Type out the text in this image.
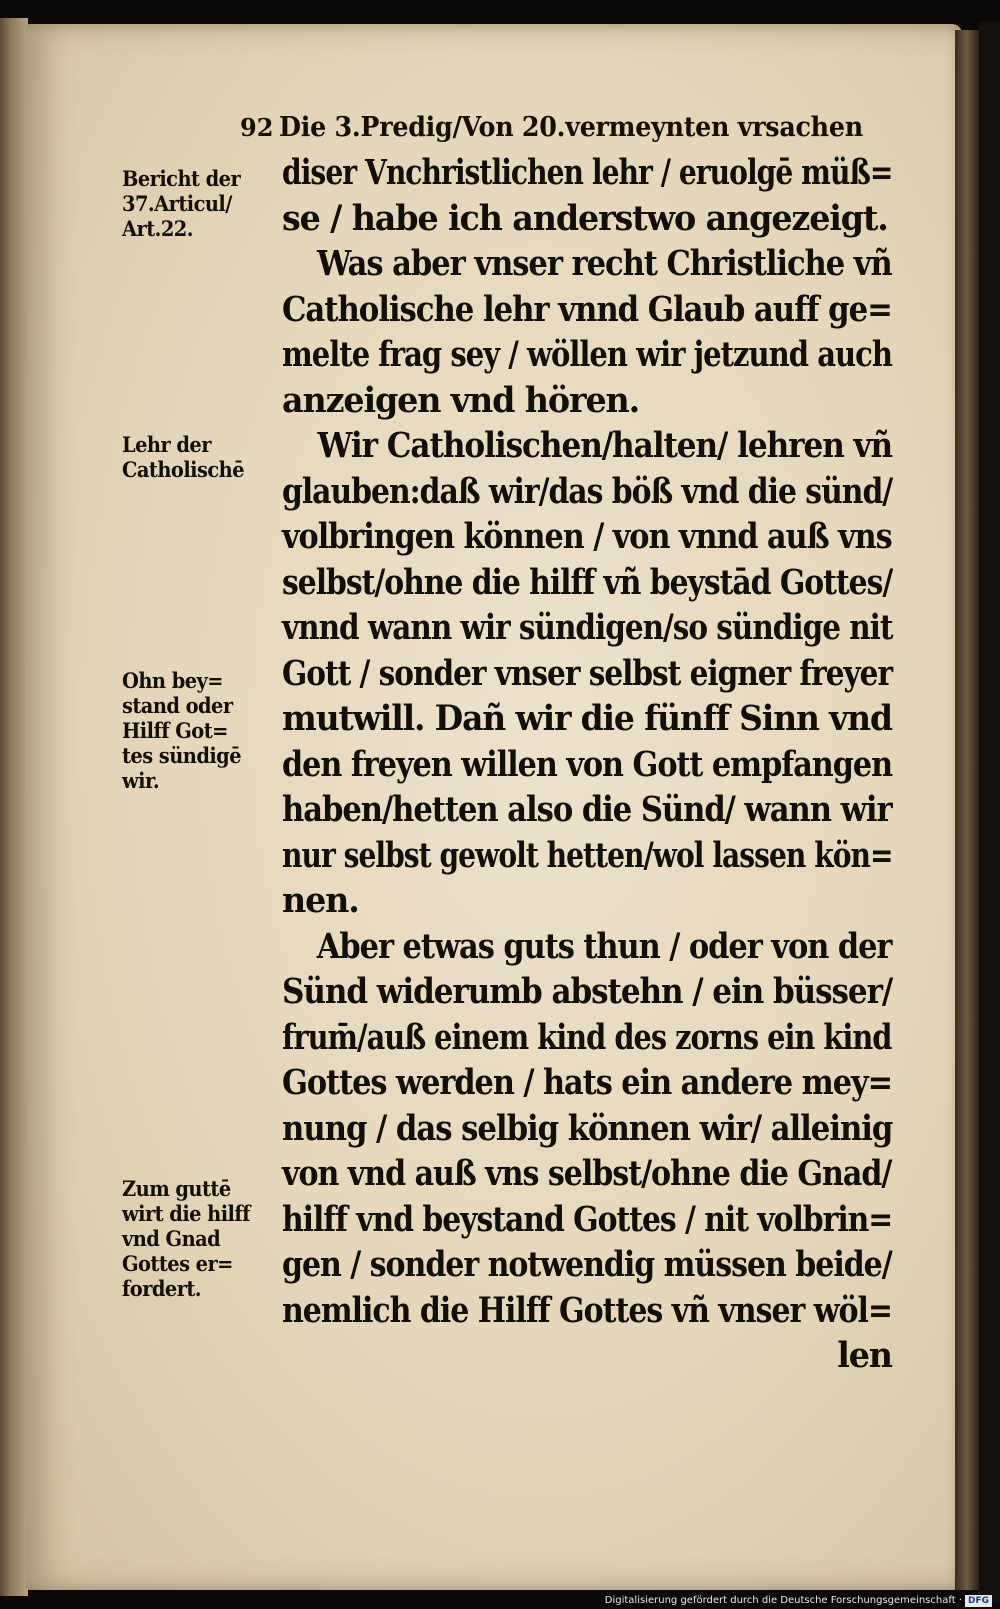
92 Die 3.Predig/Von 20.vermeynten vrsachen
diser Vnchristlichen lehr / eruolgē müß=
se / habe ich anderstwo angezeigt.
Was aber vnser recht Christliche vñ
Catholische lehr vnnd Glaub auff ge=
melte frag sey / wöllen wir jetzund auch
anzeigen vnd hören.
Wir Catholischen/halten/ lehren vñ
glauben:daß wir/das böß vnd die sünd/
volbringen können / von vnnd auß vns
selbst/ohne die hilff vñ beystād Gottes/
vnnd wann wir sündigen/so sündige nit
Gott / sonder vnser selbst eigner freyer
mutwill. Dañ wir die fünff Sinn vnd
den freyen willen von Gott empfangen
haben/hetten also die Sünd/ wann wir
nur selbst gewolt hetten/wol lassen kön=
nen.
Aber etwas guts thun / oder von der
Sünd widerumb abstehn / ein büsser/
frum̄/auß einem kind des zorns ein kind
Gottes werden / hats ein andere mey=
nung / das selbig können wir/ alleinig
von vnd auß vns selbst/ohne die Gnad/
hilff vnd beystand Gottes / nit volbrin=
gen / sonder notwendig müssen beide/
nemlich die Hilff Gottes vñ vnser wöl=
len
Bericht der
37.Articul/
Art.22.
Lehr der
Catholischē
Ohn bey=
stand oder
Hilff Got=
tes sündigē
wir.
Zum guttē
wirt die hilff
vnd Gnad
Gottes er=
fordert.
Digitalisierung gefördert durch die Deutsche Forschungsgemeinschaft · DFG
